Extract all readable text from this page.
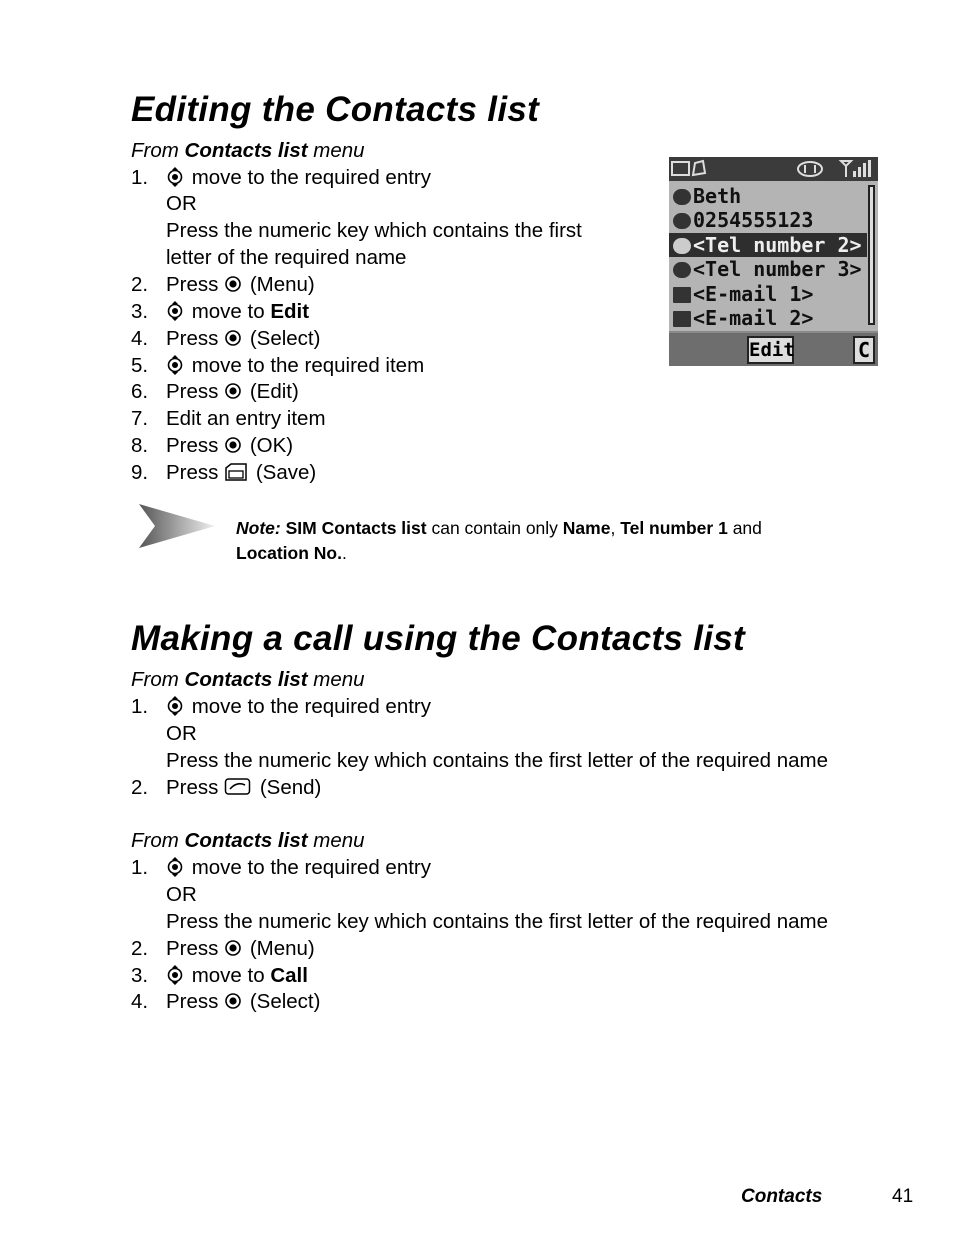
Editing the Contacts list
From Contacts list menu
1.	move to the required entry
OR
Press the numeric key which contains the first
letter of the required name
2. Press (Menu)
3.	move to Edit
4. Press (Select)
5.	move to the required item
6. Press (Edit)
7. Edit an entry item
8. Press (OK)
9. Press (Save)
Beth
0254555123
<Tel number 2>
<Tel number 3>
<E-mail 1>
<E-mail 2>
Edit	C
Note: SIM Contacts list can contain only Name, Tel number 1 and
Location No..
Making a call using the Contacts list
From Contacts list menu
1.	move to the required entry
OR
Press the numeric key which contains the first letter of the required name
2. Press (Send)
From Contacts list menu
1.	move to the required entry
OR
Press the numeric key which contains the first letter of the required name
2. Press (Menu)
3.	move to Call
4. Press (Select)
Contacts	41
